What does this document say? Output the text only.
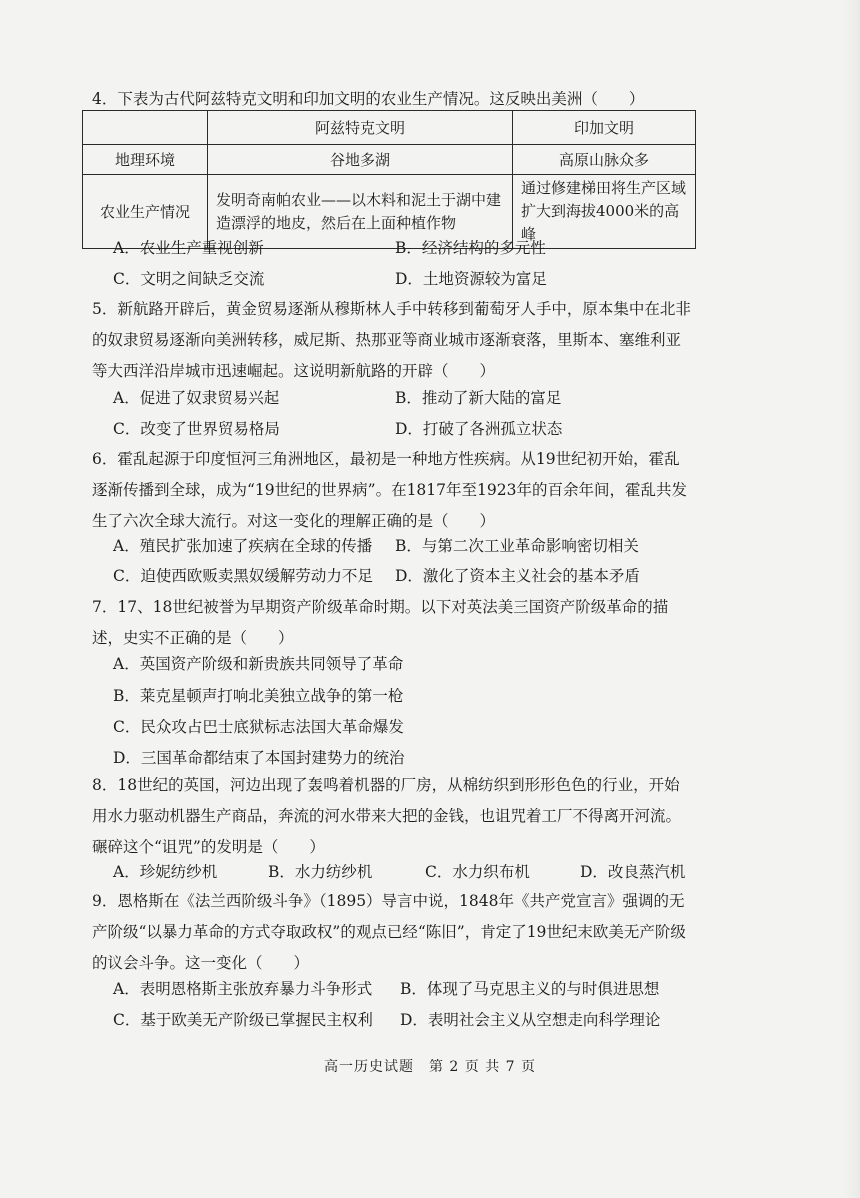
4．下表为古代阿兹特克文明和印加文明的农业生产情况。这反映出美洲（　　）
	阿兹特克文明	印加文明
地理环境	谷地多湖	高原山脉众多
农业生产情况	发明奇南帕农业——以木料和泥土于湖中建造漂浮的地皮，然后在上面种植作物	通过修建梯田将生产区域扩大到海拔4000米的高峰
A．农业生产重视创新	B．经济结构的多元性
C．文明之间缺乏交流	D．土地资源较为富足
5．新航路开辟后，黄金贸易逐渐从穆斯林人手中转移到葡萄牙人手中，原本集中在北非的奴隶贸易逐渐向美洲转移，威尼斯、热那亚等商业城市逐渐衰落，里斯本、塞维利亚等大西洋沿岸城市迅速崛起。这说明新航路的开辟（　　）
A．促进了奴隶贸易兴起	B．推动了新大陆的富足
C．改变了世界贸易格局	D．打破了各洲孤立状态
6．霍乱起源于印度恒河三角洲地区，最初是一种地方性疾病。从19世纪初开始，霍乱逐渐传播到全球，成为“19世纪的世界病”。在1817年至1923年的百余年间，霍乱共发生了六次全球大流行。对这一变化的理解正确的是（　　）
A．殖民扩张加速了疾病在全球的传播 B．与第二次工业革命影响密切相关
C．迫使西欧贩卖黑奴缓解劳动力不足 D．激化了资本主义社会的基本矛盾
7．17、18世纪被誉为早期资产阶级革命时期。以下对英法美三国资产阶级革命的描述，史实不正确的是（　　）
A．英国资产阶级和新贵族共同领导了革命
B．莱克星顿声打响北美独立战争的第一枪
C．民众攻占巴士底狱标志法国大革命爆发
D．三国革命都结束了本国封建势力的统治
8．18世纪的英国，河边出现了轰鸣着机器的厂房，从棉纺织到形形色色的行业，开始用水力驱动机器生产商品，奔流的河水带来大把的金钱，也诅咒着工厂不得离开河流。碾碎这个“诅咒”的发明是（　　）
A．珍妮纺纱机	B．水力纺纱机	C．水力织布机	D．改良蒸汽机
9．恩格斯在《法兰西阶级斗争》（1895）导言中说，1848年《共产党宣言》强调的无产阶级“以暴力革命的方式夺取政权”的观点已经“陈旧”，肯定了19世纪末欧美无产阶级的议会斗争。这一变化（　　）
A．表明恩格斯主张放弃暴力斗争形式 B．体现了马克思主义的与时俱进思想
C．基于欧美无产阶级已掌握民主权利 D．表明社会主义从空想走向科学理论
高一历史试题　第 2 页 共 7 页
